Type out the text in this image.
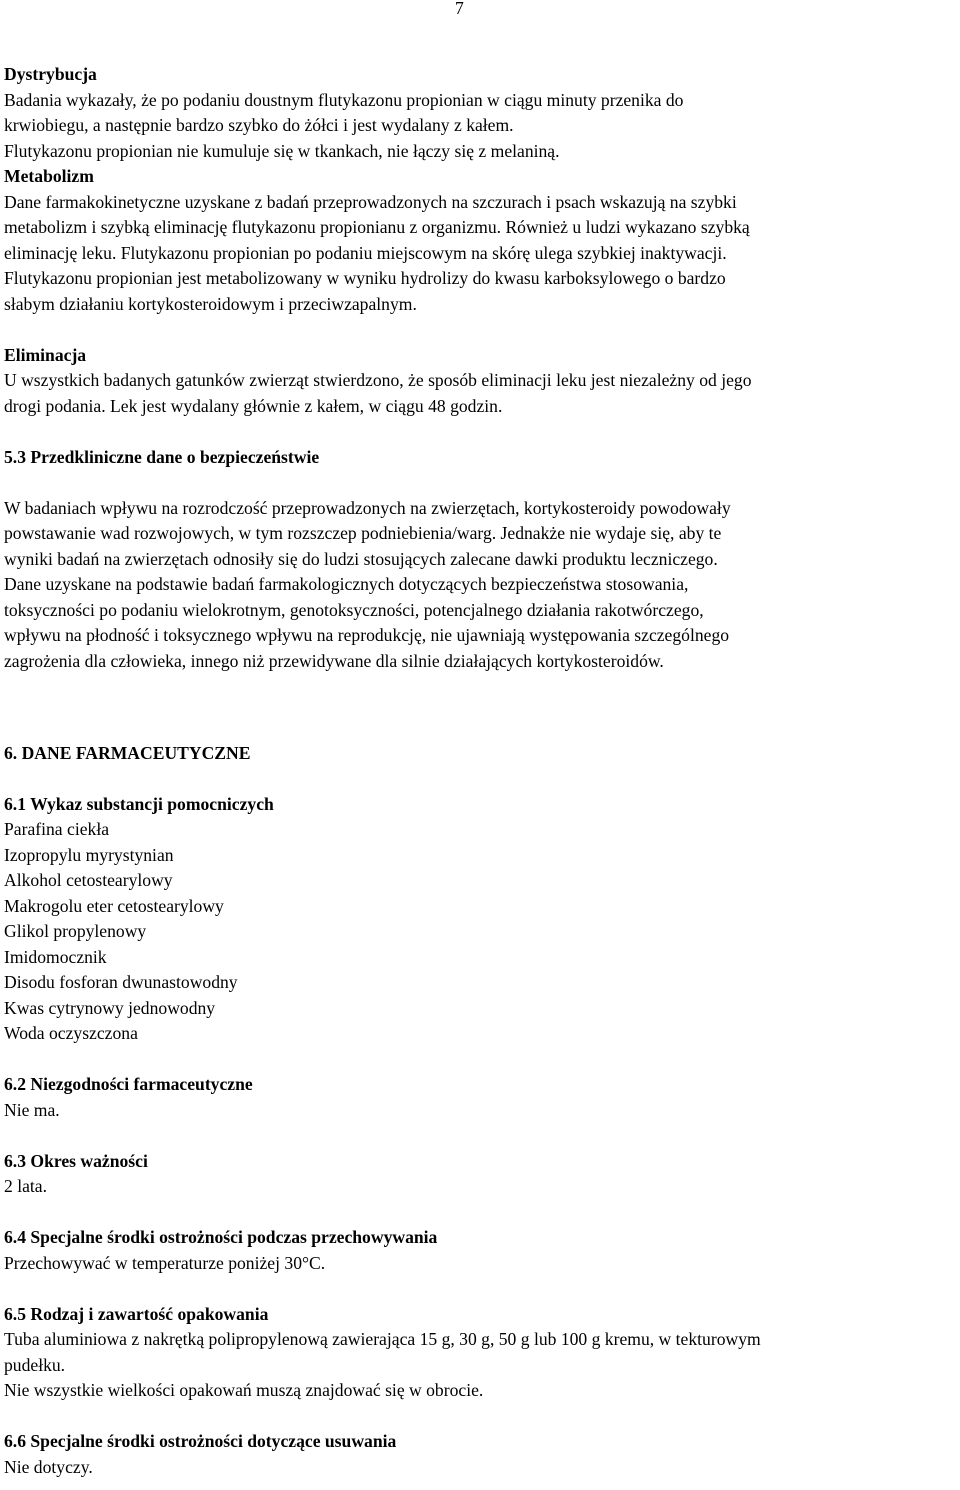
7
Dystrybucja
Badania wykazały, że po podaniu doustnym flutykazonu propionian w ciągu minuty przenika do
krwiobiegu, a następnie bardzo szybko do żółci i jest wydalany z kałem.
Flutykazonu propionian nie kumuluje się w tkankach, nie łączy się z melaniną.
Metabolizm
Dane farmakokinetyczne uzyskane z badań przeprowadzonych na szczurach i psach wskazują na szybki
metabolizm i szybką eliminację flutykazonu propionianu z organizmu. Również u ludzi wykazano szybką
eliminację leku. Flutykazonu propionian po podaniu miejscowym na skórę ulega szybkiej inaktywacji.
Flutykazonu propionian jest metabolizowany w wyniku hydrolizy do kwasu karboksylowego o bardzo
słabym działaniu kortykosteroidowym i przeciwzapalnym.
Eliminacja
U wszystkich badanych gatunków zwierząt stwierdzono, że sposób eliminacji leku jest niezależny od jego
drogi podania. Lek jest wydalany głównie z kałem, w ciągu 48 godzin.
5.3 Przedkliniczne dane o bezpieczeństwie
W badaniach wpływu na rozrodczość przeprowadzonych na zwierzętach, kortykosteroidy powodowały
powstawanie wad rozwojowych, w tym rozszczep podniebienia/warg. Jednakże nie wydaje się, aby te
wyniki badań na zwierzętach odnosiły się do ludzi stosujących zalecane dawki produktu leczniczego.
Dane uzyskane na podstawie badań farmakologicznych dotyczących bezpieczeństwa stosowania,
toksyczności po podaniu wielokrotnym, genotoksyczności, potencjalnego działania rakotwórczego,
wpływu na płodność i toksycznego wpływu na reprodukcję, nie ujawniają występowania szczególnego
zagrożenia dla człowieka, innego niż przewidywane dla silnie działających kortykosteroidów.
6. DANE FARMACEUTYCZNE
6.1 Wykaz substancji pomocniczych
Parafina ciekła
Izopropylu myrystynian
Alkohol cetostearylowy
Makrogolu eter cetostearylowy
Glikol propylenowy
Imidomocznik
Disodu fosforan dwunastowodny
Kwas cytrynowy jednowodny
Woda oczyszczona
6.2 Niezgodności farmaceutyczne
Nie ma.
6.3 Okres ważności
2 lata.
6.4 Specjalne środki ostrożności podczas przechowywania
Przechowywać w temperaturze poniżej 30°C.
6.5 Rodzaj i zawartość opakowania
Tuba aluminiowa z nakrętką polipropylenową zawierająca 15 g, 30 g, 50 g lub 100 g kremu, w tekturowym
pudełku.
Nie wszystkie wielkości opakowań muszą znajdować się w obrocie.
6.6 Specjalne środki ostrożności dotyczące usuwania
Nie dotyczy.
